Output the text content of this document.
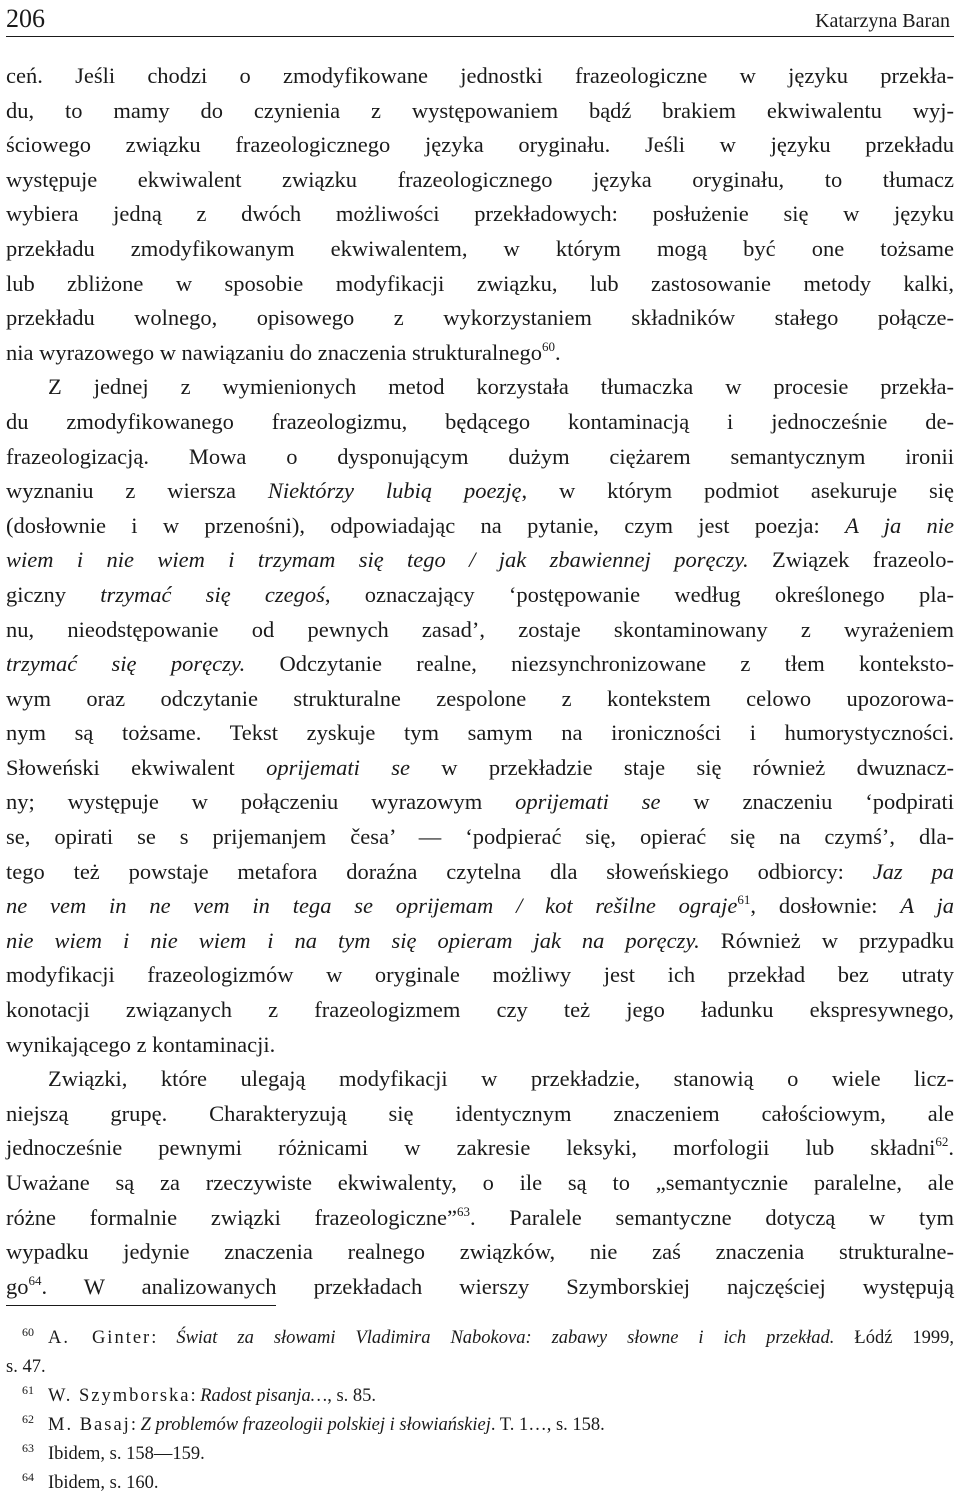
206	Katarzyna Baran

ceń. Jeśli chodzi o zmodyfikowane jednostki frazeologiczne w języku przekła-
du, to mamy do czynienia z występowaniem bądź brakiem ekwiwalentu wyj-
ściowego związku frazeologicznego języka oryginału. Jeśli w języku przekładu
występuje ekwiwalent związku frazeologicznego języka oryginału, to tłumacz
wybiera jedną z dwóch możliwości przekładowych: posłużenie się w języku
przekładu zmodyfikowanym ekwiwalentem, w którym mogą być one tożsame
lub zbliżone w sposobie modyfikacji związku, lub zastosowanie metody kalki,
przekładu wolnego, opisowego z wykorzystaniem składników stałego połącze-
nia wyrazowego w nawiązaniu do znaczenia strukturalnego$^{60}$.

Z jednej z wymienionych metod korzystała tłumaczka w procesie przekła-
du zmodyfikowanego frazeologizmu, będącego kontaminacją i jednocześnie de-
frazeologizacją. Mowa o dysponującym dużym ciężarem semantycznym ironii
wyznaniu z wiersza Niektórzy lubią poezję, w którym podmiot asekuruje się
(dosłownie i w przenośni), odpowiadając na pytanie, czym jest poezja: A ja nie
wiem i nie wiem i trzymam się tego / jak zbawiennej poręczy. Związek frazeolo-
giczny trzymać się czegoś, oznaczający ‘postępowanie według określonego pla-
nu, nieodstępowanie od pewnych zasad’, zostaje skontaminowany z wyrażeniem
trzymać się poręczy. Odczytanie realne, niezsynchronizowane z tłem konteksto-
wym oraz odczytanie strukturalne zespolone z kontekstem celowo upozorowa-
nym są tożsame. Tekst zyskuje tym samym na ironiczności i humorystyczności.
Słoweński ekwiwalent oprijemati se w przekładzie staje się również dwuznacz-
ny; występuje w połączeniu wyrazowym oprijemati se w znaczeniu ‘podpirati
se, opirati se s prijemanjem česa’ — ‘podpierać się, opierać się na czymś’, dla-
tego też powstaje metafora doraźna czytelna dla słoweńskiego odbiorcy: Jaz pa
ne vem in ne vem in tega se oprijemam / kot rešilne ograje$^{61}$, dosłownie: A ja
nie wiem i nie wiem i na tym się opieram jak na poręczy. Również w przypadku
modyfikacji frazeologizmów w oryginale możliwy jest ich przekład bez utraty
konotacji związanych z frazeologizmem czy też jego ładunku ekspresywnego,
wynikającego z kontaminacji.

Związki, które ulegają modyfikacji w przekładzie, stanowią o wiele licz-
niejszą grupę. Charakteryzują się identycznym znaczeniem całościowym, ale
jednocześnie pewnymi różnicami w zakresie leksyki, morfologii lub składni$^{62}$.
Uważane są za rzeczywiste ekwiwalenty, o ile są to „semantycznie paralelne, ale
różne formalnie związki frazeologiczne”$^{63}$. Paralele semantyczne dotyczą w tym
wypadku jedynie znaczenia realnego związków, nie zaś znaczenia strukturalne-
$go^{64}$. W analizowanych przekładach wierszy Szymborskiej najczęściej występują

60 A. Ginter: Świat za słowami Vladimira Nabokova: zabawy słowne i ich przekład. Łódź 1999,
s. 47.
61 W. Szymborska: Radost pisanja…, s. 85.
62 M. Basaj: Z problemów frazeologii polskiej i słowiańskiej. T. 1…, s. 158.
63 Ibidem, s. 158—159.
64 Ibidem, s. 160.
